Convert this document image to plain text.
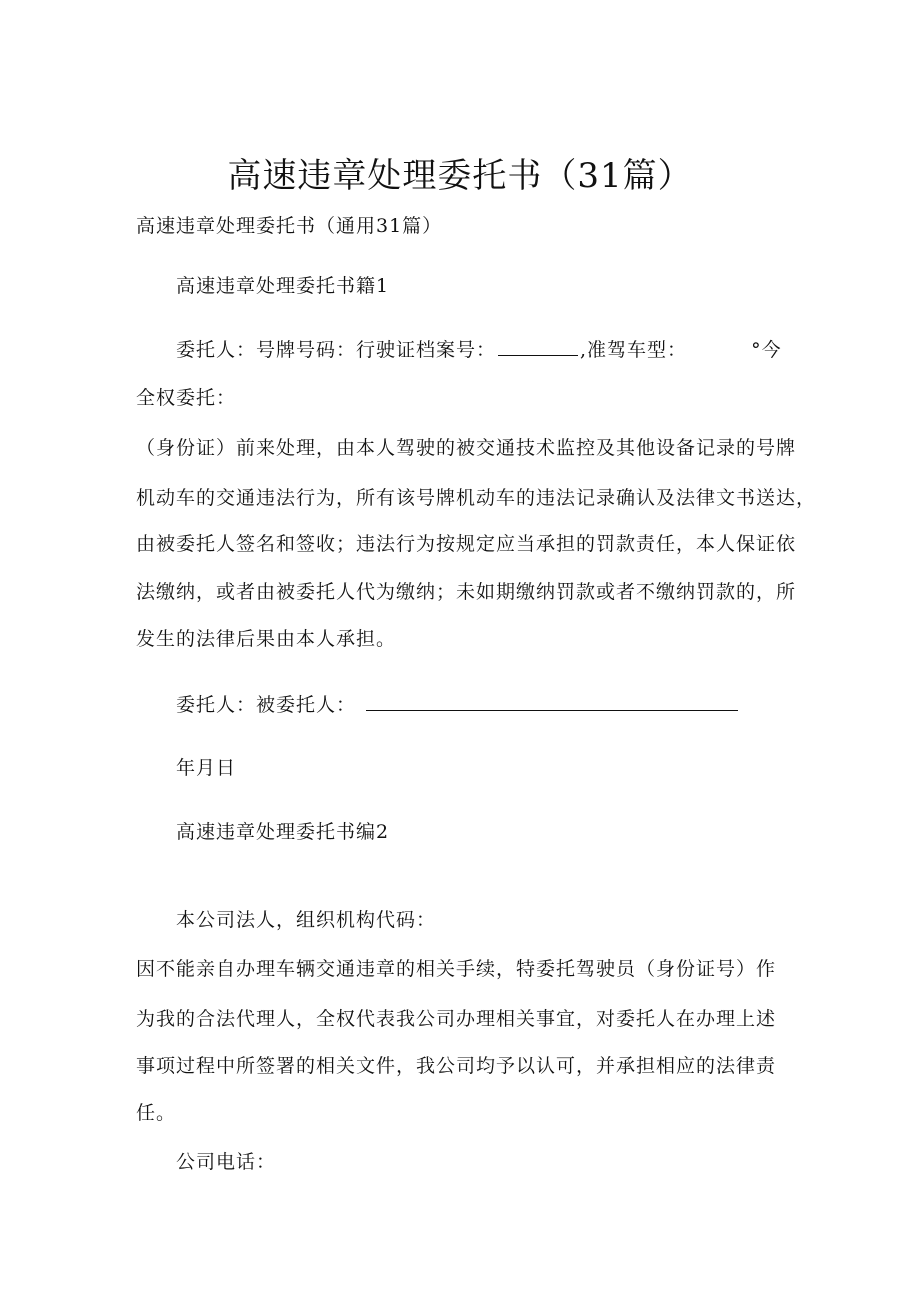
高速违章处理委托书（31篇）
高速违章处理委托书（通用31篇）
高速违章处理委托书籍1
委托人：号牌号码：行驶证档案号：	,准驾车型：	°今
全权委托：
（身份证）前来处理，由本人驾驶的被交通技术监控及其他设备记录的号牌
机动车的交通违法行为，所有该号牌机动车的违法记录确认及法律文书送达，
由被委托人签名和签收；违法行为按规定应当承担的罚款责任，本人保证依
法缴纳，或者由被委托人代为缴纳；未如期缴纳罚款或者不缴纳罚款的，所
发生的法律后果由本人承担。
委托人：被委托人：
年月日
高速违章处理委托书编2
本公司法人，组织机构代码：
因不能亲自办理车辆交通违章的相关手续，特委托驾驶员（身份证号）作
为我的合法代理人，全权代表我公司办理相关事宜，对委托人在办理上述
事项过程中所签署的相关文件，我公司均予以认可，并承担相应的法律责
任。
公司电话：
